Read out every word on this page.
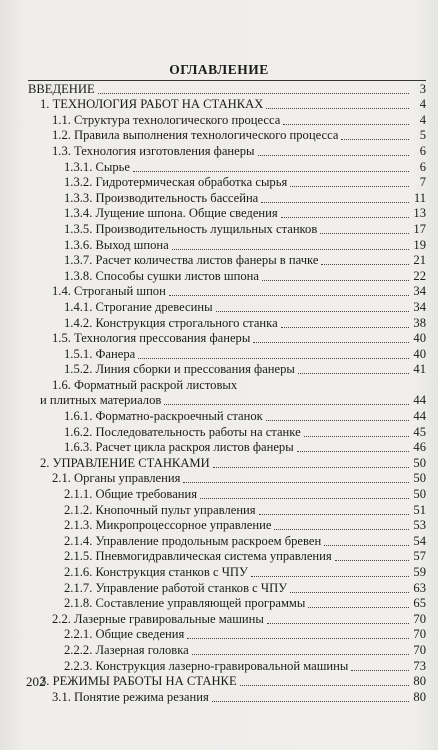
ОГЛАВЛЕНИЕ
ВВЕДЕНИЕ	3
1. ТЕХНОЛОГИЯ РАБОТ НА СТАНКАХ	4
1.1. Структура технологического процесса	4
1.2. Правила выполнения технологического процесса	5
1.3. Технология изготовления фанеры	6
1.3.1. Сырье	6
1.3.2. Гидротермическая обработка сырья	7
1.3.3. Производительность бассейна	11
1.3.4. Лущение шпона. Общие сведения	13
1.3.5. Производительность лущильных станков	17
1.3.6. Выход шпона	19
1.3.7. Расчет количества листов фанеры в пачке	21
1.3.8. Способы сушки листов шпона	22
1.4. Строганый шпон	34
1.4.1. Строгание древесины	34
1.4.2. Конструкция строгального станка	38
1.5. Технология прессования фанеры	40
1.5.1. Фанера	40
1.5.2. Линия сборки и прессования фанеры	41
1.6. Форматный раскрой листовых
и плитных материалов	44
1.6.1. Форматно-раскроечный станок	44
1.6.2. Последовательность работы на станке	45
1.6.3. Расчет цикла раскроя листов фанеры	46
2. УПРАВЛЕНИЕ СТАНКАМИ	50
2.1. Органы управления	50
2.1.1. Общие требования	50
2.1.2. Кнопочный пульт управления	51
2.1.3. Микропроцессорное управление	53
2.1.4. Управление продольным раскроем бревен	54
2.1.5. Пневмогидравлическая система управления	57
2.1.6. Конструкция станков с ЧПУ	59
2.1.7. Управление работой станков с ЧПУ	63
2.1.8. Составление управляющей программы	65
2.2. Лазерные гравировальные машины	70
2.2.1. Общие сведения	70
2.2.2. Лазерная головка	70
2.2.3. Конструкция лазерно-гравировальной машины	73
3. РЕЖИМЫ РАБОТЫ НА СТАНКЕ	80
3.1. Понятие режима резания	80
202
